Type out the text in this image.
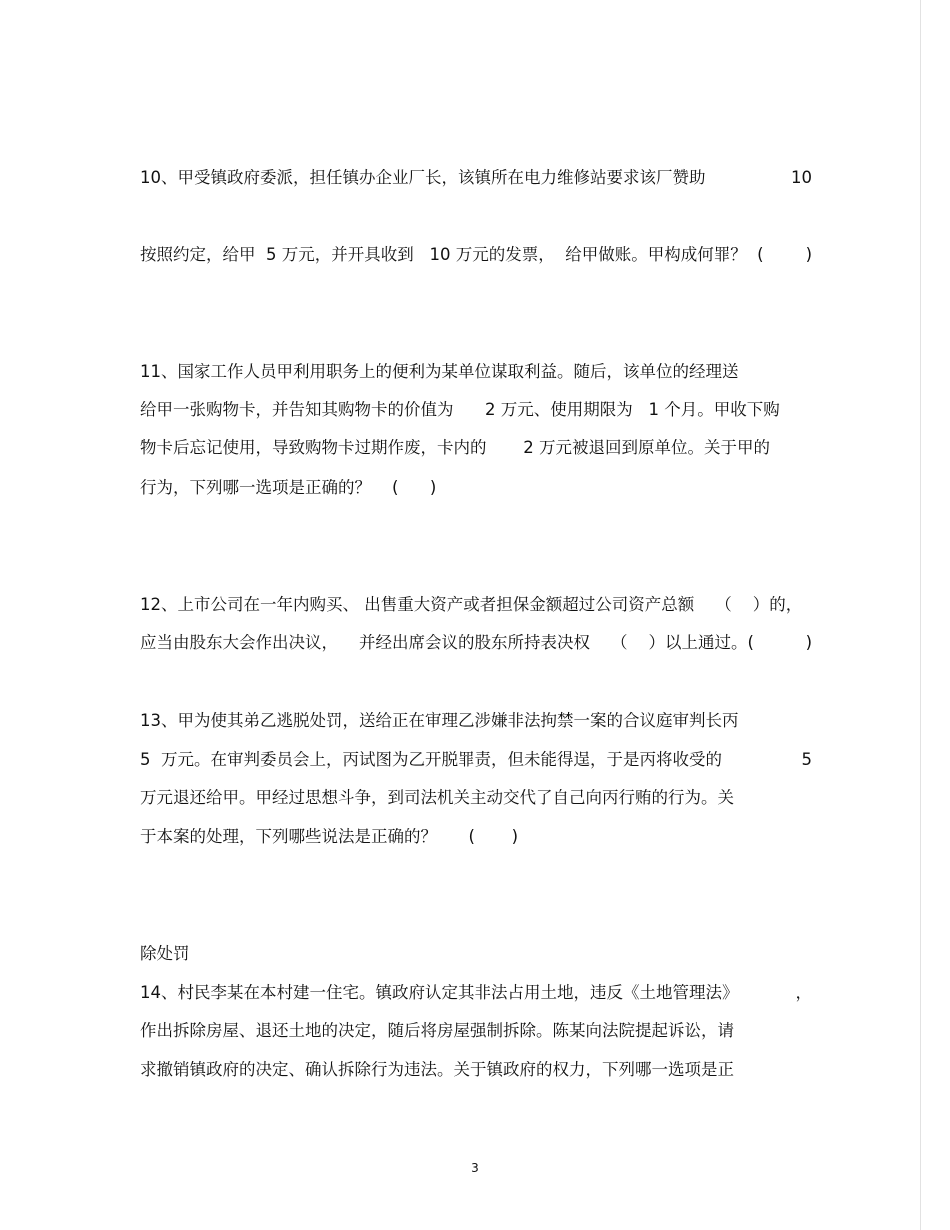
10、甲受镇政府委派，担任镇办企业厂长，该镇所在电力维修站要求该厂赞助	10

按照约定，给甲  5 万元，并开具收到   10 万元的发票，  给甲做账。甲构成何罪？  (	)

11、国家工作人员甲利用职务上的便利为某单位谋取利益。随后，该单位的经理送
给甲一张购物卡，并告知其购物卡的价值为      2 万元、使用期限为   1 个月。甲收下购
物卡后忘记使用，导致购物卡过期作废，卡内的       2 万元被退回到原单位。关于甲的
行为，下列哪一选项是正确的？    (      )

12、上市公司在一年内购买、 出售重大资产或者担保金额超过公司资产总额    （    ）的，
应当由股东大会作出决议，    并经出席会议的股东所持表决权    （    ）以上通过。(	)

13、甲为使其弟乙逃脱处罚，送给正在审理乙涉嫌非法拘禁一案的合议庭审判长丙
5  万元。在审判委员会上，丙试图为乙开脱罪责，但未能得逞，于是丙将收受的	5
万元退还给甲。甲经过思想斗争，到司法机关主动交代了自己向丙行贿的行为。关
于本案的处理，下列哪些说法是正确的？      (       )

除处罚
14、村民李某在本村建一住宅。镇政府认定其非法占用土地，违反《土地管理法》	，
作出拆除房屋、退还土地的决定，随后将房屋强制拆除。陈某向法院提起诉讼，请
求撤销镇政府的决定、确认拆除行为违法。关于镇政府的权力，下列哪一选项是正
3
